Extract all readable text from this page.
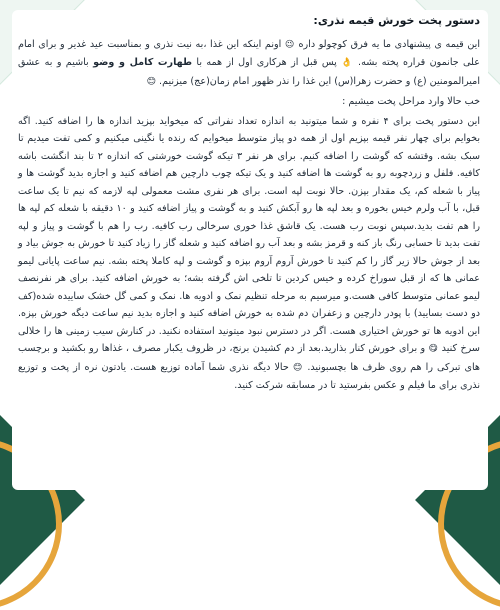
دستور پخت خورش قیمه نذری:

این قیمه ی پیشنهادی ما یه فرق کوچولو داره 😉 اونم اینکه این غذا ،به نیت نذری و بمناسبت عید غدیر و برای امام علی جانمون قراره پخته بشه. 👌 پس قبل از هرکاری اول از همه با طهارت کامل و وضو باشیم و به عشق امیرالمومنین (ع) و حضرت زهرا(س) این غذا را نذر ظهور امام زمان(عج) میزنیم. 😊

خب حالا وارد مراحل پخت میشیم :

این دستور پخت برای ۴ نفره و شما میتونید به اندازه تعداد نفراتی که میخواید بپزید اندازه ها را اضافه کنید. اگه بخوایم برای چهار نفر قیمه بپزیم اول از همه دو پیاز متوسط میخوایم که رنده یا نگینی میکنیم و کمی تفت میدیم تا سبک بشه. وقتشه که گوشت را اضافه کنیم. برای هر نفر ۳ تیکه گوشت خورشتی که اندازه ۲ تا بند انگشت باشه کافیه. فلفل و زردچوبه رو به گوشت ها اضافه کنید و یک تیکه چوب دارچین هم اضافه کنید و اجازه بدید گوشت ها و پیاز با شعله کم، یک مقدار بپزن. حالا نوبت لپه است. برای هر نفری مشت معمولی لپه لازمه که نیم تا یک ساعت قبل، با آب ولرم خیس بخوره و بعد لپه ها رو آبکش کنید و به گوشت و پیاز اضافه کنید و ۱۰ دقیقه با شعله کم لپه ها را هم تفت بدید.سپس نوبت رب هست. یک قاشق غذا خوری سرخالی رب کافیه. رب را هم با گوشت و پیاز و لپه تفت بدید تا حسابی رنگ باز کنه و قرمز بشه و بعد آب رو اضافه کنید و شعله گاز را زیاد کنید تا خورش به جوش بیاد و بعد از جوش حالا زیر گاز را کم کنید تا خورش آروم آروم بپزه و گوشت و لپه کاملا پخته بشه. نیم ساعت پایانی لیمو عمانی ها که از قبل سوراخ کرده و خیس کردین تا تلخی اش گرفته بشه؛ به خورش اضافه کنید. برای هر نفرنصف لیمو عمانی متوسط کافی هست.و میرسیم به مرحله تنظیم نمک و ادویه ها. نمک و کمی گل خشک ساییده شده(کف دو دست بسایید) با پودر دارچین و زعفران دم شده به خورش اضافه کنید و اجازه بدید نیم ساعت دیگه خورش بپزه. این ادویه ها تو خورش اختیاری هست. اگر در دسترس نبود میتونید استفاده نکنید. در کنارش سیب زمینی ها را خلالی سرخ کنید 😋 و برای خورش کنار بذارید.بعد از دم کشیدن برنج، در ظروف یکبار مصرف ، غذاها رو بکشید و برچسب های تبرکی را هم روی ظرف ها بچسبونید. 😊 حالا دیگه نذری شما آماده توزیع هست. یادتون نره از پخت و توزیع نذری برای ما فیلم و عکس بفرستید تا در مسابقه شرکت کنید.
